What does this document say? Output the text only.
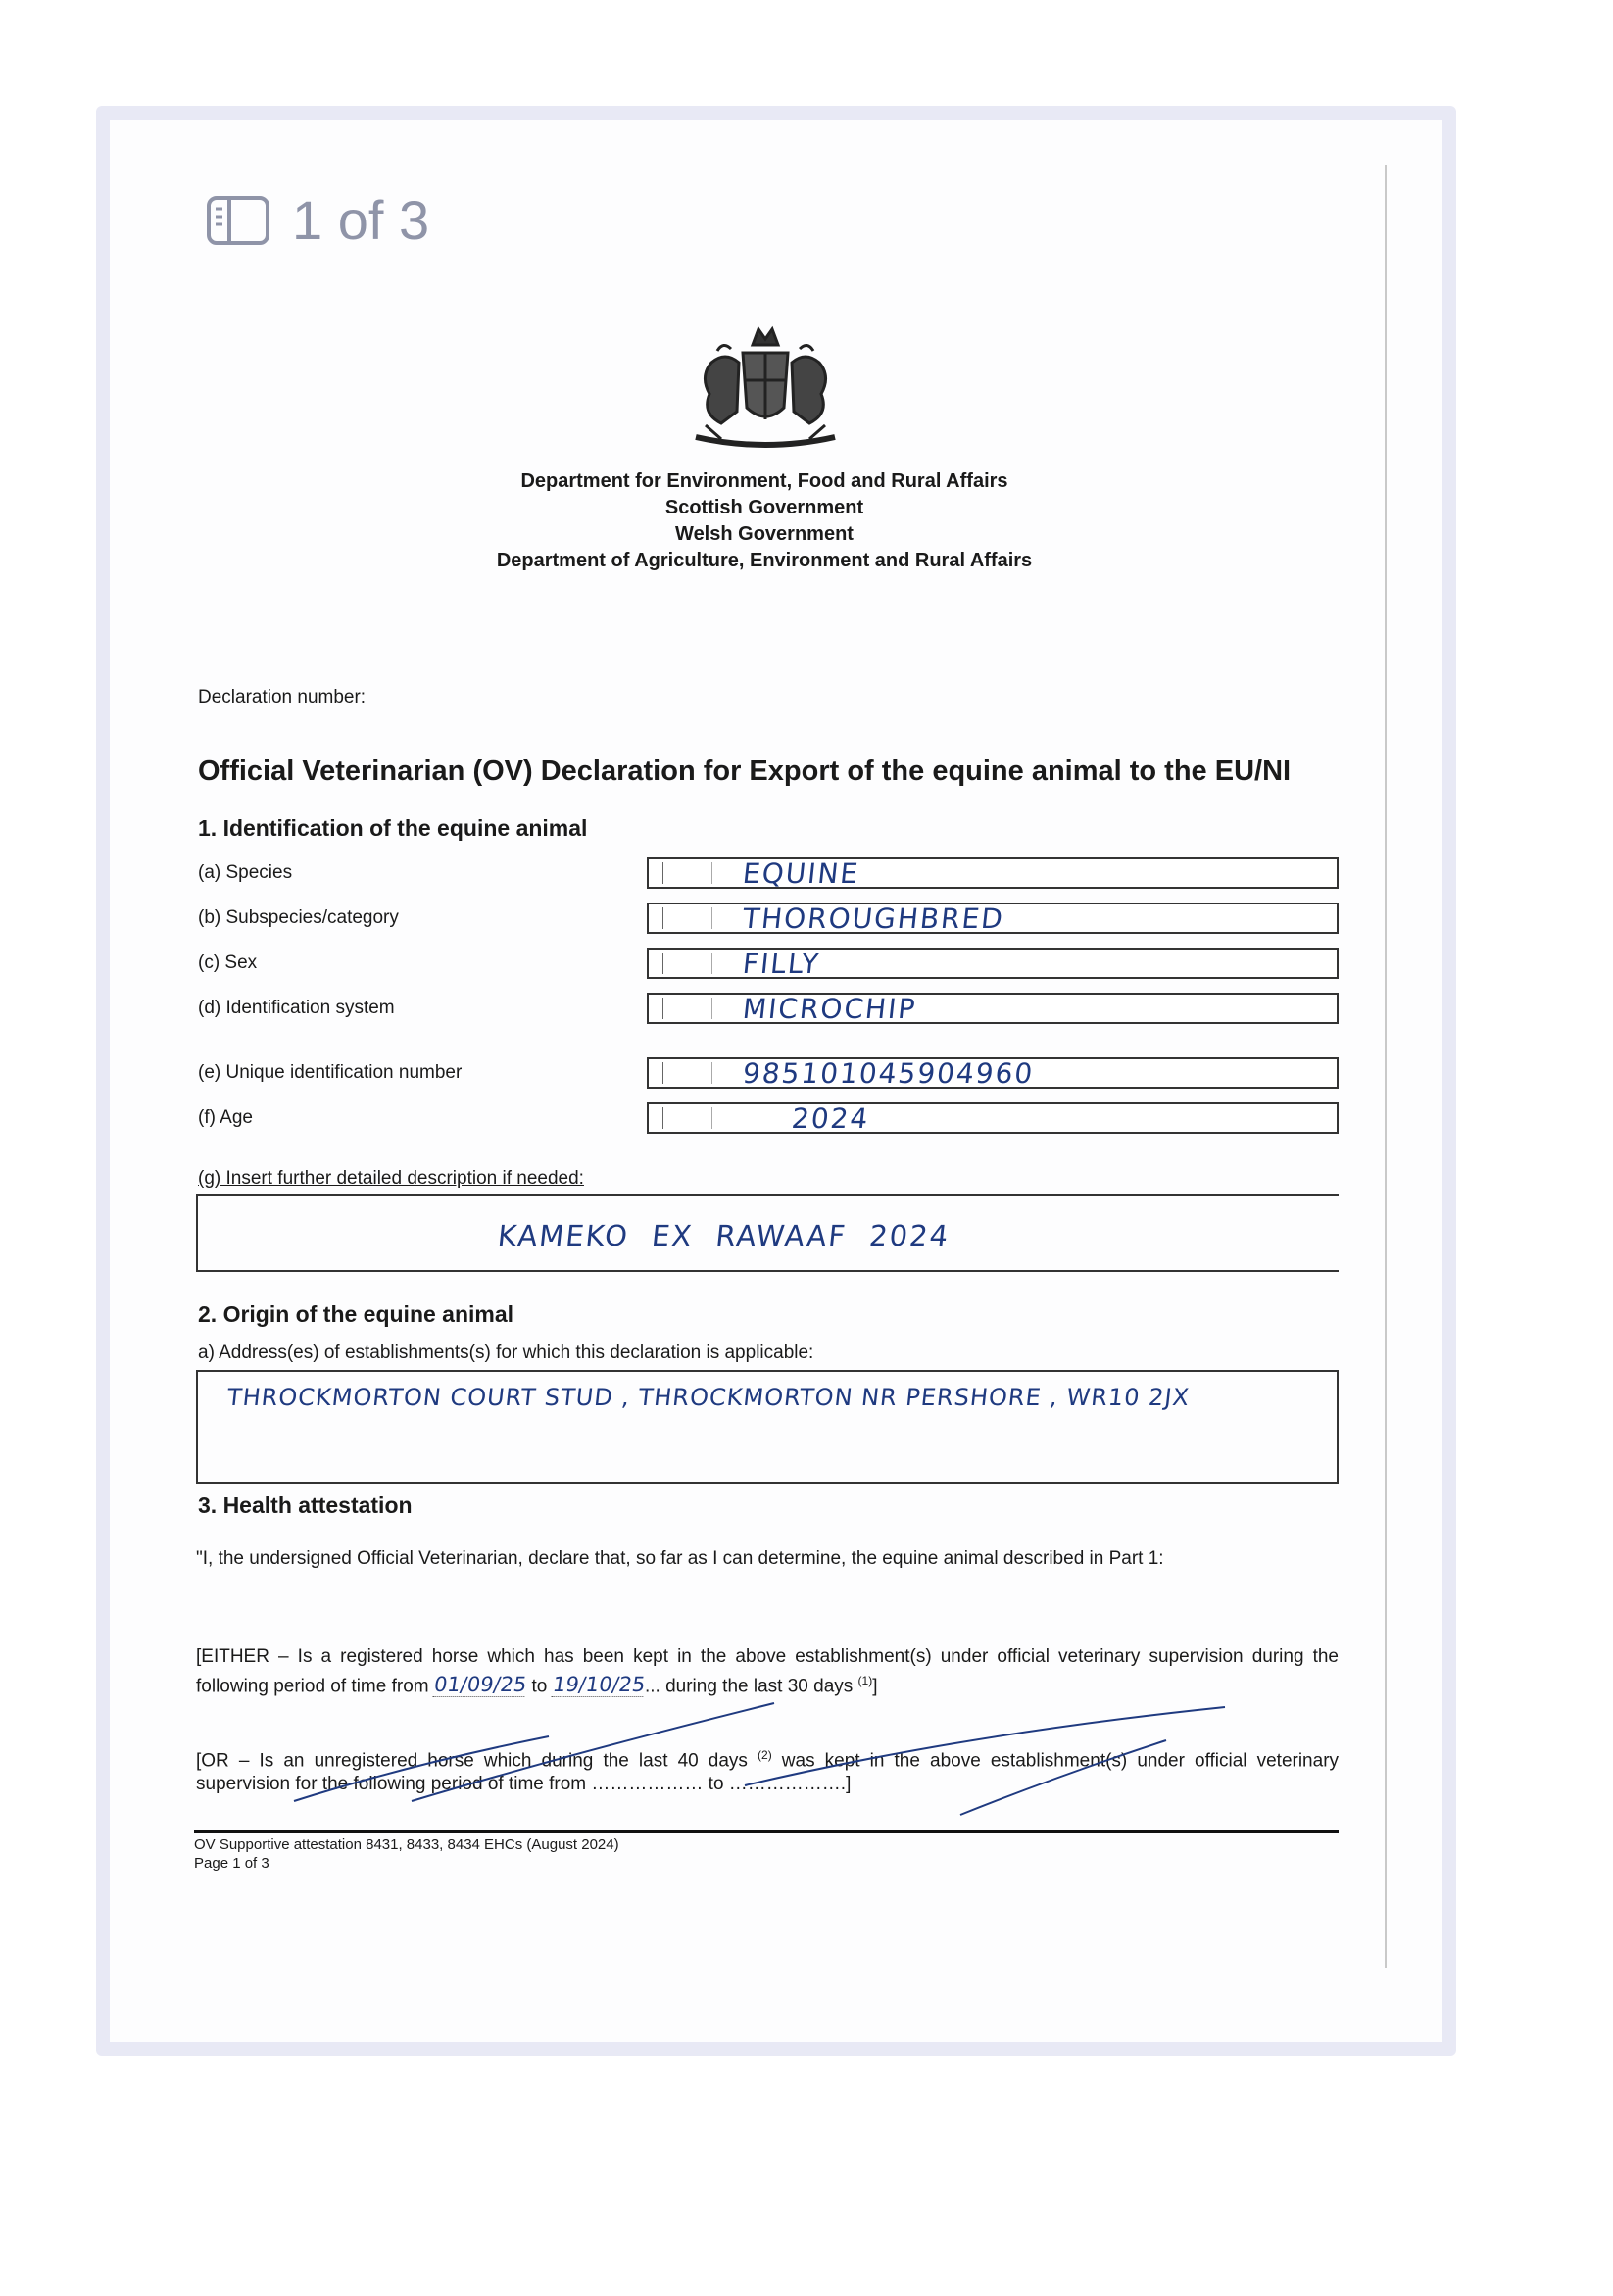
1 of 3
Department for Environment, Food and Rural Affairs
Scottish Government
Welsh Government
Department of Agriculture, Environment and Rural Affairs
Declaration number:
Official Veterinarian (OV) Declaration for Export of the equine animal to the EU/NI
1. Identification of the equine animal
(a) Species	EQUINE
(b) Subspecies/category	THOROUGHBRED
(c) Sex	FILLY
(d) Identification system	MICROCHIP
(e) Unique identification number	985101045904960
(f) Age	2024
(g) Insert further detailed description if needed:
KAMEKO EX RAWAAF 2024
2. Origin of the equine animal
a) Address(es) of establishments(s) for which this declaration is applicable:
THROCKMORTON COURT STUD , THROCKMORTON NR PERSHORE , WR10 2JX
3. Health attestation
"I, the undersigned Official Veterinarian, declare that, so far as I can determine, the equine animal described in Part 1:
[EITHER – Is a registered horse which has been kept in the above establishment(s) under official veterinary supervision during the following period of time from 01/09/25 to 19/10/25... during the last 30 days $^{(1)}$]
[OR – Is an unregistered horse which during the last 40 days $^{(2)}$ was kept in the above establishment(s) under official veterinary supervision for the following period of time from ……………… to ……………….]
OV Supportive attestation 8431, 8433, 8434 EHCs (August 2024)
Page 1 of 3
